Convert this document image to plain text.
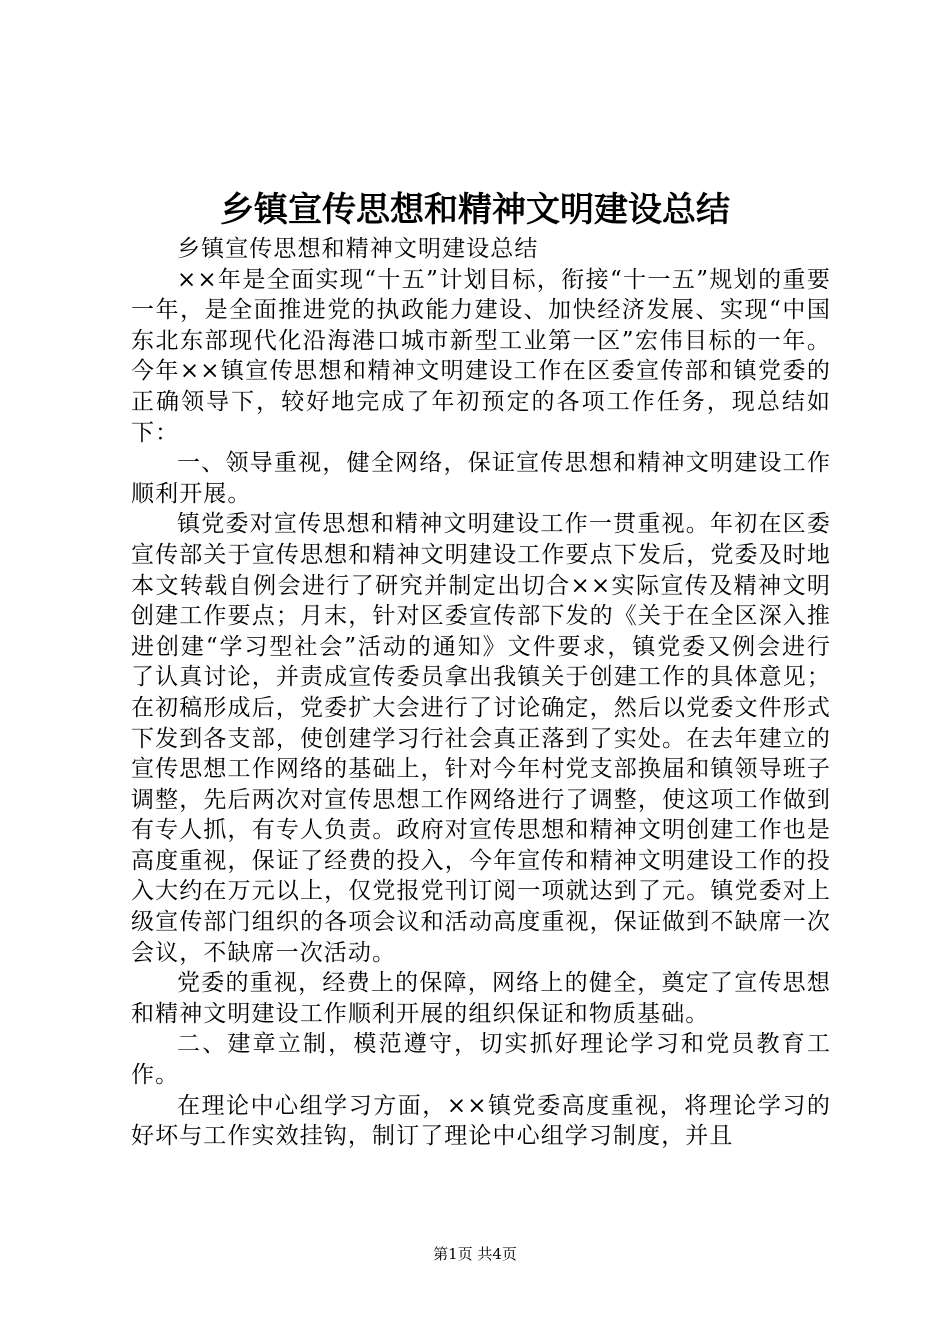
乡镇宣传思想和精神文明建设总结

乡镇宣传思想和精神文明建设总结

××年是全面实现“十五”计划目标，衔接“十一五”规划的重要一年，是全面推进党的执政能力建设、加快经济发展、实现“中国东北东部现代化沿海港口城市新型工业第一区”宏伟目标的一年。今年××镇宣传思想和精神文明建设工作在区委宣传部和镇党委的正确领导下，较好地完成了年初预定的各项工作任务，现总结如下：

一、领导重视，健全网络，保证宣传思想和精神文明建设工作顺利开展。

镇党委对宣传思想和精神文明建设工作一贯重视。年初在区委宣传部关于宣传思想和精神文明建设工作要点下发后，党委及时地本文转载自例会进行了研究并制定出切合××实际宣传及精神文明创建工作要点；月末，针对区委宣传部下发的《关于在全区深入推进创建“学习型社会”活动的通知》文件要求，镇党委又例会进行了认真讨论，并责成宣传委员拿出我镇关于创建工作的具体意见；在初稿形成后，党委扩大会进行了讨论确定，然后以党委文件形式下发到各支部，使创建学习行社会真正落到了实处。在去年建立的宣传思想工作网络的基础上，针对今年村党支部换届和镇领导班子调整，先后两次对宣传思想工作网络进行了调整，使这项工作做到有专人抓，有专人负责。政府对宣传思想和精神文明创建工作也是高度重视，保证了经费的投入，今年宣传和精神文明建设工作的投入大约在万元以上，仅党报党刊订阅一项就达到了元。镇党委对上级宣传部门组织的各项会议和活动高度重视，保证做到不缺席一次会议，不缺席一次活动。

党委的重视，经费上的保障，网络上的健全，奠定了宣传思想和精神文明建设工作顺利开展的组织保证和物质基础。

二、建章立制，模范遵守，切实抓好理论学习和党员教育工作。

在理论中心组学习方面，××镇党委高度重视，将理论学习的好坏与工作实效挂钩，制订了理论中心组学习制度，并且

第1页 共4页
